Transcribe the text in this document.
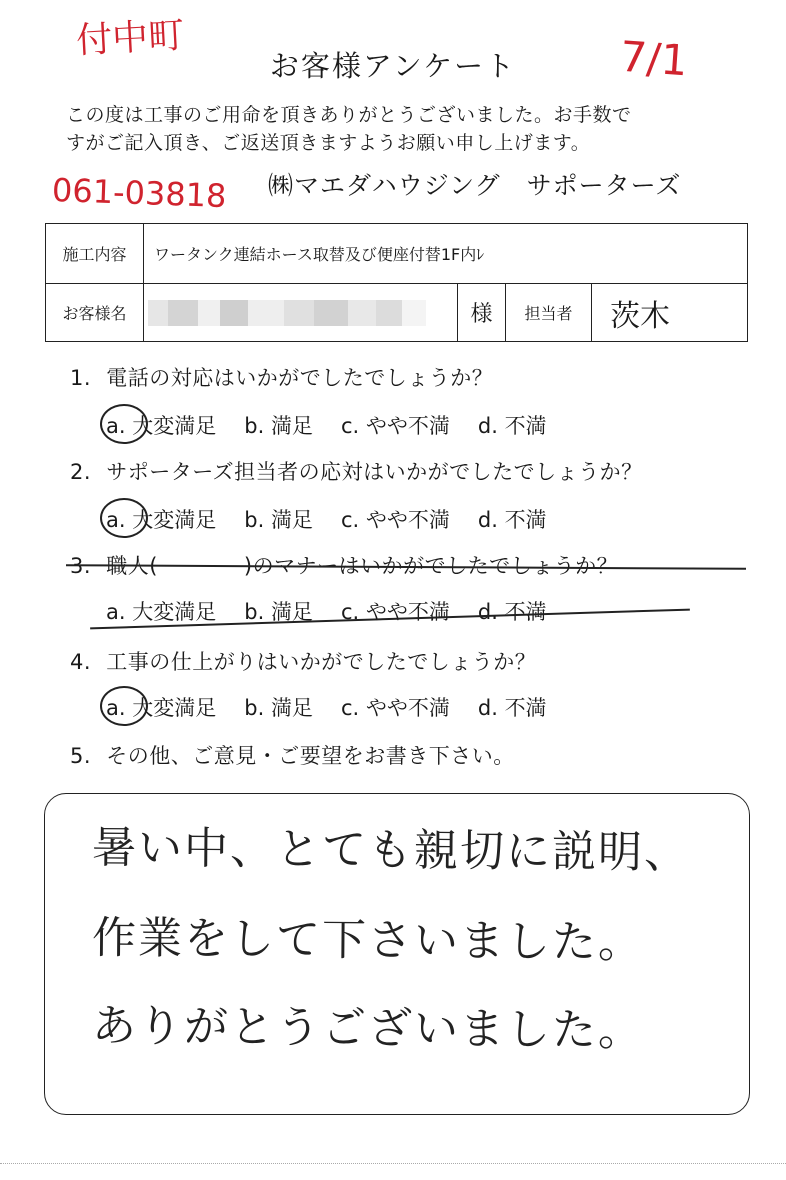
付中町
お客様アンケート	7/1
この度は工事のご用命を頂きありがとうございました。お手数で
すがご記入頂き、ご返送頂きますようお願い申し上げます。
061-03818 ㈱マエダハウジング　サポーターズ
施工内容	ワータンク連結ホース取替及び便座付替1F内ﾚ			
お客様名		様	担当者	茨木
1. 電話の対応はいかがでしたでしょうか？
a. 大変満足 b. 満足 c. やや不満 d. 不満
2. サポーターズ担当者の応対はいかがでしたでしょうか？
a. 大変満足 b. 満足 c. やや不満 d. 不満
3. 職人(　　　　)のマナーはいかがでしたでしょうか？
a. 大変満足 b. 満足 c. やや不満 d. 不満
4. 工事の仕上がりはいかがでしたでしょうか？
a. 大変満足 b. 満足 c. やや不満 d. 不満
5. その他、ご意見・ご要望をお書き下さい。
暑い中、とても親切に説明、
作業をして下さいました。
ありがとうございました。
